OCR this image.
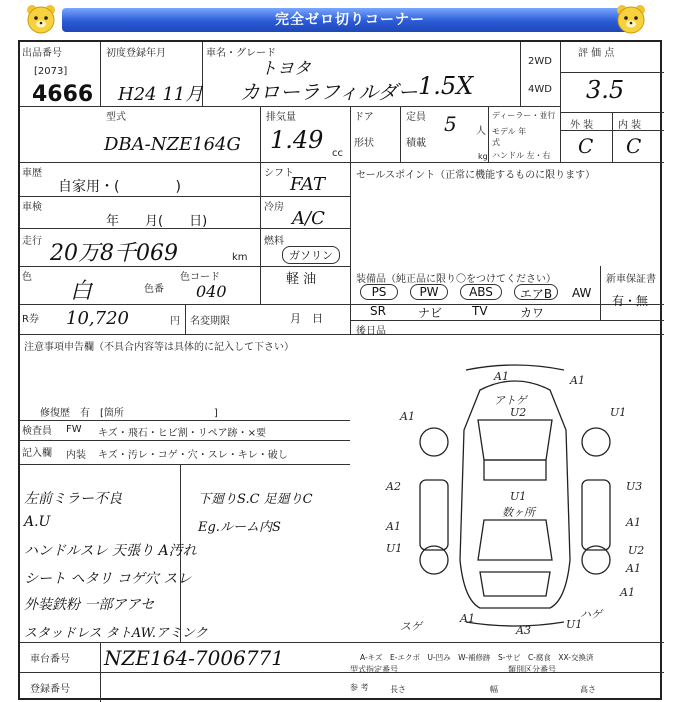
完全ゼロ切りコーナー
出品番号
[2073]
4666
初度登録年月
H24 11月
車名・グレード
トヨタ
カローラフィルダー 1.5X
2WD
4WD
評 価 点
3.5
型式
DBA-NZE164G
排気量
1.49 cc
ドア
形状
定員 5 人
積載
kg
ディーラー・並行
モデル 年式
ハンドル 左・右
外 装 内 装
C C
車歴
自家用・(　　　　)
シフト
FAT
車検
年　　月(　　日)
冷房
A/C
走行 20万8千069	km
燃料
ガソリン
軽 油
色
白	色番
色コード
040
R券 10,720	円 名変期限	月　日
セールスポイント（正常に機能するものに限ります）
装備品（純正品に限り〇をつけてください）	新車保証書
有・無
PS	PW	ABS	エアB	AW
SR	ナビ TV	カワ
後日品
注意事項申告欄（不具合内容等は具体的に記入して下さい）
修復歴　有　[箇所　　　　　　　　　]
検査員
記入欄
FW キズ・飛石・ヒビ割・リペア跡・×要
内装 キズ・汚レ・コゲ・穴・スレ・キレ・破し
左前ミラー不良
A.U
ハンドルスレ 天張り A汚れ
シート ヘタリ コゲ穴 スレ
外装鉄粉 一部アアセ
スタッドレス タトAW.アミンク
下廻りS.C 足廻りC
Eg.ルーム内S
車台番号 NZE164-7006771
登録番号
型式指定番号	類別区分番号
参 考	長さ	幅	高さ
A1	A1
アトゲ
U2	U1
A1
A2	U3
A1
U1
A1
U2
U1
数ヶ所
A1
A1
A3
スゲ	U1
ハゲ
A1
A-キズ　E-エクボ　U-凹み　W-補修跡　S-サビ　C-腐食　XX-交換済
